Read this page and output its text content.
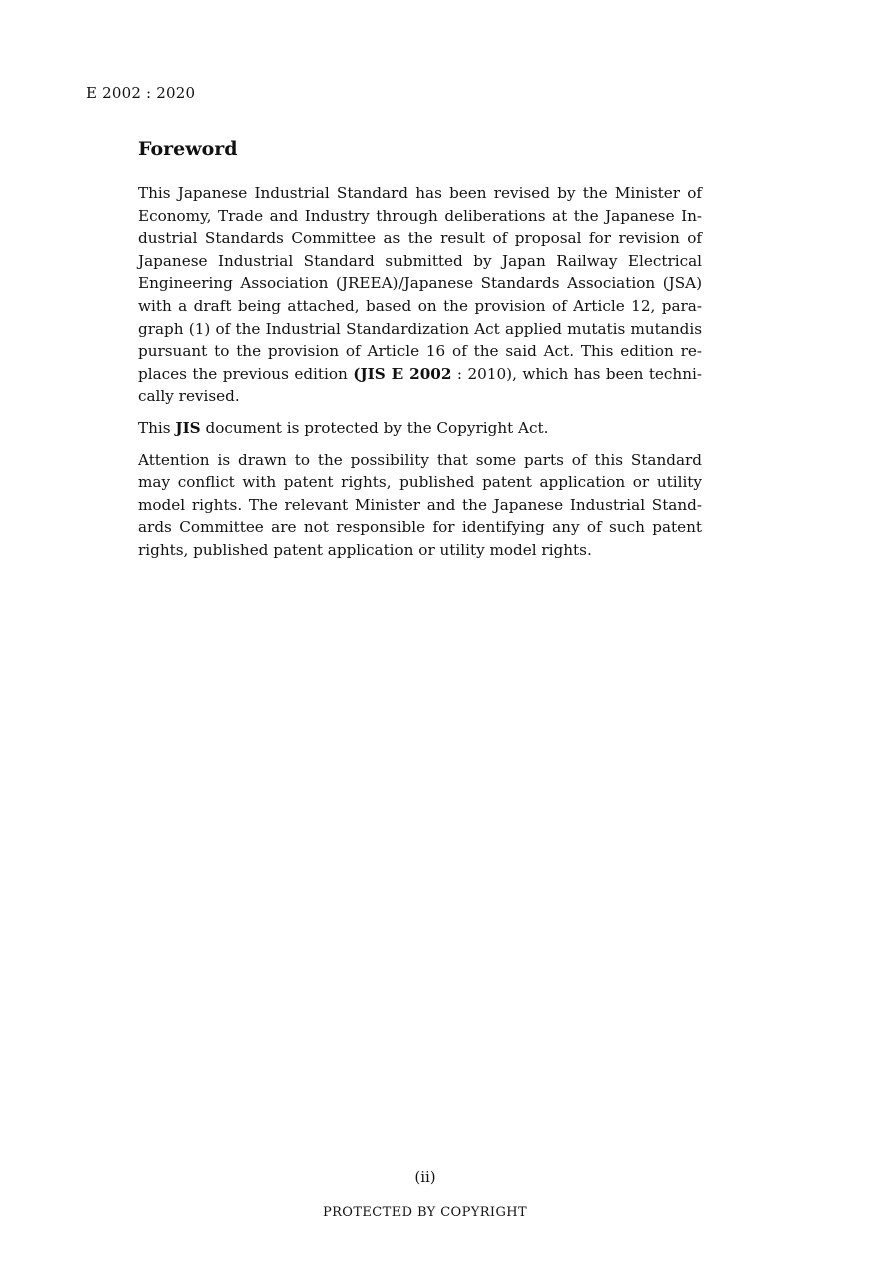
E 2002 : 2020
Foreword

This Japanese Industrial Standard has been revised by the Minister of Economy, Trade and Industry through deliberations at the Japanese Industrial Standards Committee as the result of proposal for revision of Japanese Industrial Standard submitted by Japan Railway Electrical Engineering Association (JREEA)/Japanese Standards Association (JSA) with a draft being attached, based on the provision of Article 12, paragraph (1) of the Industrial Standardization Act applied mutatis mutandis pursuant to the provision of Article 16 of the said Act. This edition replaces the previous edition (JIS E 2002 : 2010), which has been technically revised.

This JIS document is protected by the Copyright Act.

Attention is drawn to the possibility that some parts of this Standard may conflict with patent rights, published patent application or utility model rights. The relevant Minister and the Japanese Industrial Standards Committee are not responsible for identifying any of such patent rights, published patent application or utility model rights.

(ii)
PROTECTED BY COPYRIGHT
